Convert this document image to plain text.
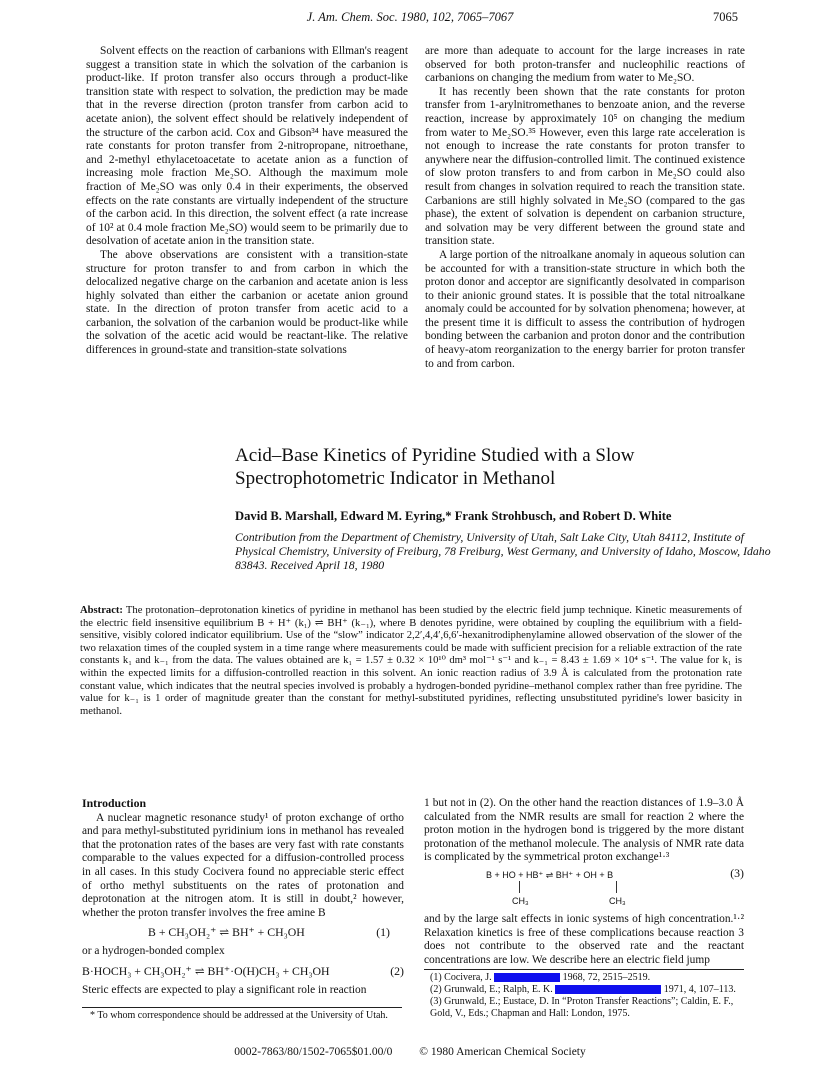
J. Am. Chem. Soc. 1980, 102, 7065–7067	7065

Solvent effects on the reaction of carbanions with Ellman's reagent suggest a transition state in which the solvation of the carbanion is product-like. If proton transfer also occurs through a product-like transition state with respect to solvation, the prediction may be made that in the reverse direction (proton transfer from carbon acid to acetate anion), the solvent effect should be relatively independent of the structure of the carbon acid. Cox and Gibson³⁴ have measured the rate constants for proton transfer from 2-nitropropane, nitroethane, and 2-methyl ethylacetoacetate to acetate anion as a function of increasing mole fraction Me₂SO. Although the maximum mole fraction of Me₂SO was only 0.4 in their experiments, the observed effects on the rate constants are virtually independent of the structure of the carbon acid. In this direction, the solvent effect (a rate increase of 10² at 0.4 mole fraction Me₂SO) would seem to be primarily due to desolvation of acetate anion in the transition state.

The above observations are consistent with a transition-state structure for proton transfer to and from carbon in which the delocalized negative charge on the carbanion and acetate anion is less highly solvated than either the carbanion or acetate anion ground state. In the direction of proton transfer from acetic acid to a carbanion, the solvation of the carbanion would be product-like while the solvation of the acetic acid would be reactant-like. The relative differences in ground-state and transition-state solvations

are more than adequate to account for the large increases in rate observed for both proton-transfer and nucleophilic reactions of carbanions on changing the medium from water to Me₂SO.

It has recently been shown that the rate constants for proton transfer from 1-arylnitromethanes to benzoate anion, and the reverse reaction, increase by approximately 10⁵ on changing the medium from water to Me₂SO.³⁵ However, even this large rate acceleration is not enough to increase the rate constants for proton transfer to anywhere near the diffusion-controlled limit. The continued existence of slow proton transfers to and from carbon in Me₂SO could also result from changes in solvation required to reach the transition state. Carbanions are still highly solvated in Me₂SO (compared to the gas phase), the extent of solvation is dependent on carbanion structure, and solvation may be very different between the ground state and transition state.

A large portion of the nitroalkane anomaly in aqueous solution can be accounted for with a transition-state structure in which both the proton donor and acceptor are significantly desolvated in comparison to their anionic ground states. It is possible that the total nitroalkane anomaly could be accounted for by solvation phenomena; however, at the present time it is difficult to assess the contribution of hydrogen bonding between the carbanion and proton donor and the contribution of heavy-atom reorganization to the energy barrier for proton transfer to and from carbon.

Acid–Base Kinetics of Pyridine Studied with a Slow Spectrophotometric Indicator in Methanol
David B. Marshall, Edward M. Eyring,* Frank Strohbusch, and Robert D. White
Contribution from the Department of Chemistry, University of Utah, Salt Lake City, Utah 84112, Institute of Physical Chemistry, University of Freiburg, 78 Freiburg, West Germany, and University of Idaho, Moscow, Idaho 83843. Received April 18, 1980
Abstract: The protonation–deprotonation kinetics of pyridine in methanol has been studied by the electric field jump technique. Kinetic measurements of the electric field insensitive equilibrium B + H⁺ (k₁) ⇌ BH⁺ (k₋₁), where B denotes pyridine, were obtained by coupling the equilibrium with a field-sensitive, visibly colored indicator equilibrium. Use of the “slow” indicator 2,2′,4,4′,6,6′-hexanitrodiphenylamine allowed observation of the slower of the two relaxation times of the coupled system in a time range where measurements could be made with sufficient precision for a reliable extraction of the rate constants k₁ and k₋₁ from the data. The values obtained are k₁ = 1.57 ± 0.32 × 10¹⁰ dm³ mol⁻¹ s⁻¹ and k₋₁ = 8.43 ± 1.69 × 10⁴ s⁻¹. The value for k₁ is within the expected limits for a diffusion-controlled reaction in this solvent. An ionic reaction radius of 3.9 Å is calculated from the protonation rate constant value, which indicates that the neutral species involved is probably a hydrogen-bonded pyridine–methanol complex rather than free pyridine. The value for k₋₁ is 1 order of magnitude greater than the constant for methyl-substituted pyridines, reflecting unsubstituted pyridine's lower basicity in methanol.
Introduction

A nuclear magnetic resonance study¹ of proton exchange of ortho and para methyl-substituted pyridinium ions in methanol has revealed that the protonation rates of the bases are very fast with rate constants comparable to the values expected for a diffusion-controlled process in all cases. In this study Cocivera found no appreciable steric effect of ortho methyl substituents on the rates of protonation and deprotonation at the nitrogen atom. It is still in doubt,² however, whether the proton transfer involves the free amine B

B + CH₃OH₂⁺ ⇌ BH⁺ + CH₃OH	(1)

or a hydrogen-bonded complex

B·HOCH₃ + CH₃OH₂⁺ ⇌ BH⁺·O(H)CH₃ + CH₃OH	(2)

Steric effects are expected to play a significant role in reaction

* To whom correspondence should be addressed at the University of Utah.

1 but not in (2). On the other hand the reaction distances of 1.9–3.0 Å calculated from the NMR results are small for reaction 2 where the proton motion in the hydrogen bond is triggered by the more distant protonation of the methanol molecule. The analysis of NMR rate data is complicated by the symmetrical proton exchange¹·³

B + HO + HB⁺ ⇌ BH⁺ + OH + B
CH₃	CH₃
(3)

and by the large salt effects in ionic systems of high concentration.¹·² Relaxation kinetics is free of these complications because reaction 3 does not contribute to the observed rate and the reactant concentrations are low. We describe here an electric field jump

(1) Cocivera, J.	1968, 72, 2515–2519.
(2) Grunwald, E.; Ralph, E. K.	1971, 4, 107–113.
(3) Grunwald, E.; Eustace, D. In “Proton Transfer Reactions”; Caldin, E. F., Gold, V., Eds.; Chapman and Hall: London, 1975.
0002-7863/80/1502-7065$01.00/0 © 1980 American Chemical Society
